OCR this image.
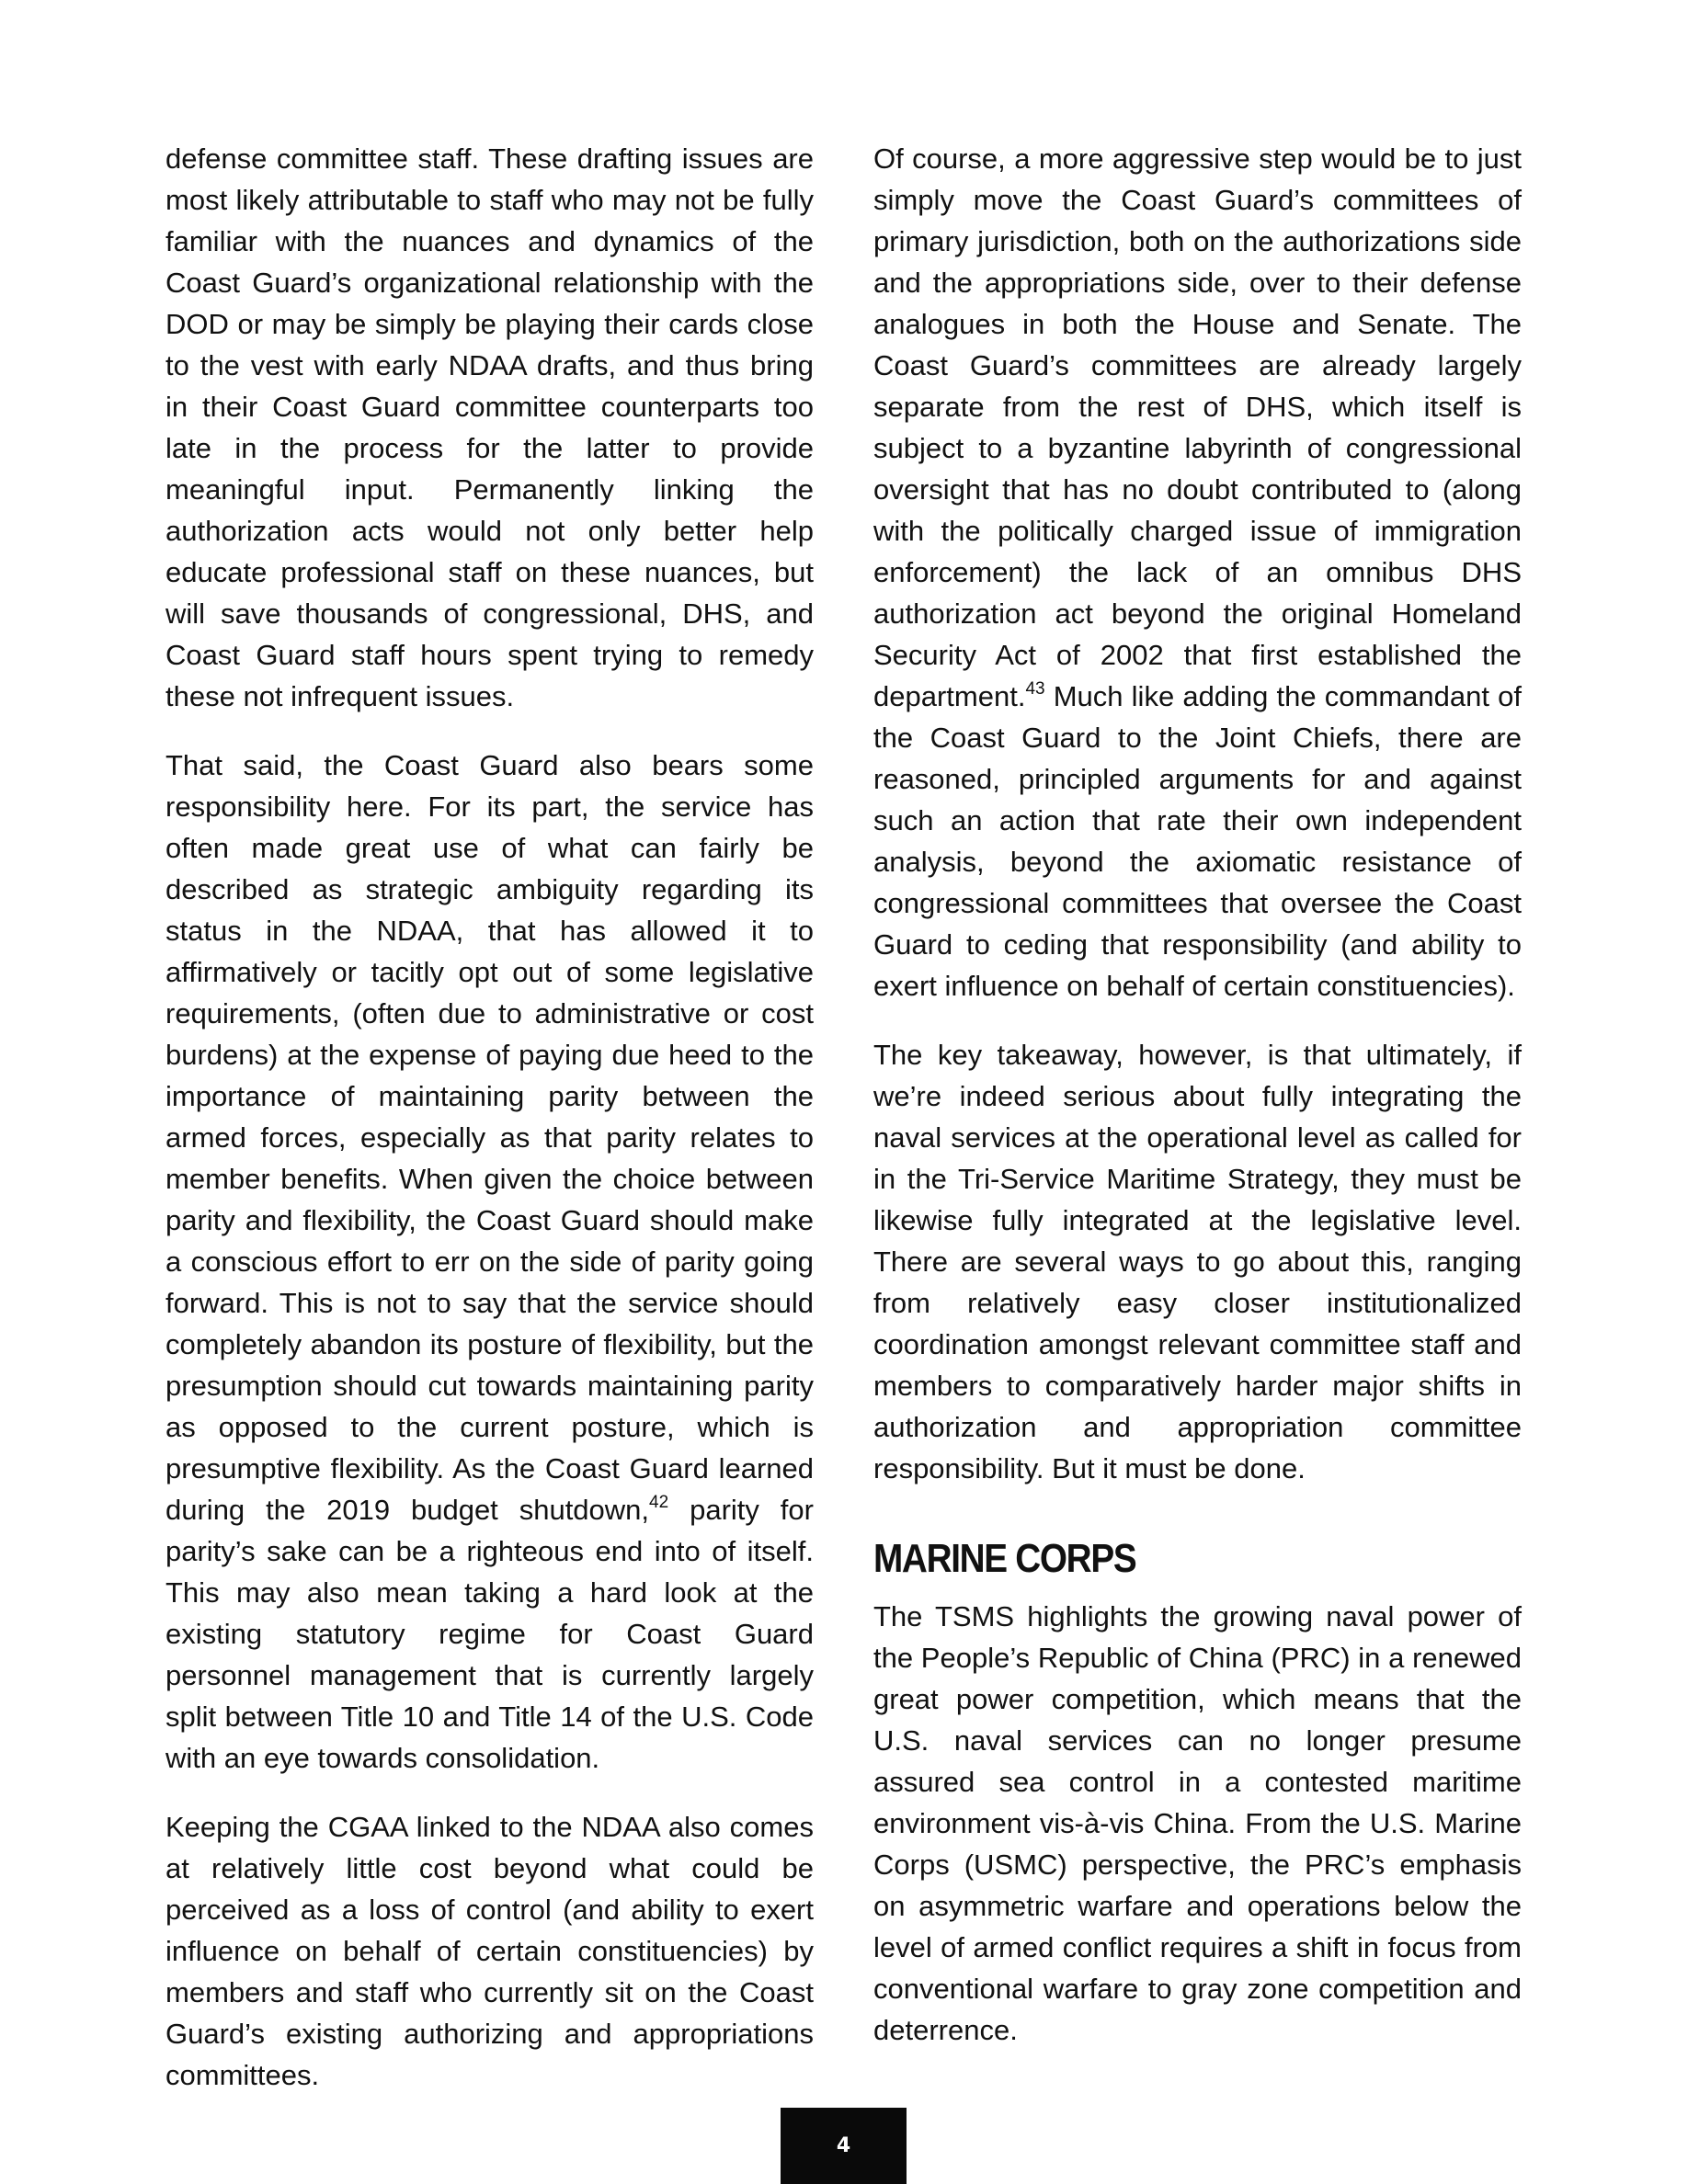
defense committee staff. These drafting issues are most likely attributable to staff who may not be fully familiar with the nuances and dynamics of the Coast Guard’s organizational relationship with the DOD or may be simply be playing their cards close to the vest with early NDAA drafts, and thus bring in their Coast Guard committee counterparts too late in the process for the latter to provide meaningful input. Permanently linking the authorization acts would not only better help educate professional staff on these nuances, but will save thousands of congressional, DHS, and Coast Guard staff hours spent trying to remedy these not infrequent issues.

That said, the Coast Guard also bears some responsibility here. For its part, the service has often made great use of what can fairly be described as strategic ambiguity regarding its status in the NDAA, that has allowed it to affirmatively or tacitly opt out of some legislative requirements, (often due to administrative or cost burdens) at the expense of paying due heed to the importance of maintaining parity between the armed forces, especially as that parity relates to member benefits. When given the choice between parity and flexibility, the Coast Guard should make a conscious effort to err on the side of parity going forward. This is not to say that the service should completely abandon its posture of flexibility, but the presumption should cut towards maintaining parity as opposed to the current posture, which is presumptive flexibility. As the Coast Guard learned during the 2019 budget shutdown,$^{42}$ parity for parity’s sake can be a righteous end into of itself. This may also mean taking a hard look at the existing statutory regime for Coast Guard personnel management that is currently largely split between Title 10 and Title 14 of the U.S. Code with an eye towards consolidation.

Keeping the CGAA linked to the NDAA also comes at relatively little cost beyond what could be perceived as a loss of control (and ability to exert influence on behalf of certain constituencies) by members and staff who currently sit on the Coast Guard’s existing authorizing and appropriations committees.

Of course, a more aggressive step would be to just simply move the Coast Guard’s committees of primary jurisdiction, both on the authorizations side and the appropriations side, over to their defense analogues in both the House and Senate. The Coast Guard’s committees are already largely separate from the rest of DHS, which itself is subject to a byzantine labyrinth of congressional oversight that has no doubt contributed to (along with the politically charged issue of immigration enforcement) the lack of an omnibus DHS authorization act beyond the original Homeland Security Act of 2002 that first established the department.$^{43}$ Much like adding the commandant of the Coast Guard to the Joint Chiefs, there are reasoned, principled arguments for and against such an action that rate their own independent analysis, beyond the axiomatic resistance of congressional committees that oversee the Coast Guard to ceding that responsibility (and ability to exert influence on behalf of certain constituencies).

The key takeaway, however, is that ultimately, if we’re indeed serious about fully integrating the naval services at the operational level as called for in the Tri-Service Maritime Strategy, they must be likewise fully integrated at the legislative level. There are several ways to go about this, ranging from relatively easy closer institutionalized coordination amongst relevant committee staff and members to comparatively harder major shifts in authorization and appropriation committee responsibility. But it must be done.

MARINE CORPS

The TSMS highlights the growing naval power of the People’s Republic of China (PRC) in a renewed great power competition, which means that the U.S. naval services can no longer presume assured sea control in a contested maritime environment vis-à-vis China. From the U.S. Marine Corps (USMC) perspective, the PRC’s emphasis on asymmetric warfare and operations below the level of armed conflict requires a shift in focus from conventional warfare to gray zone competition and deterrence.

4
